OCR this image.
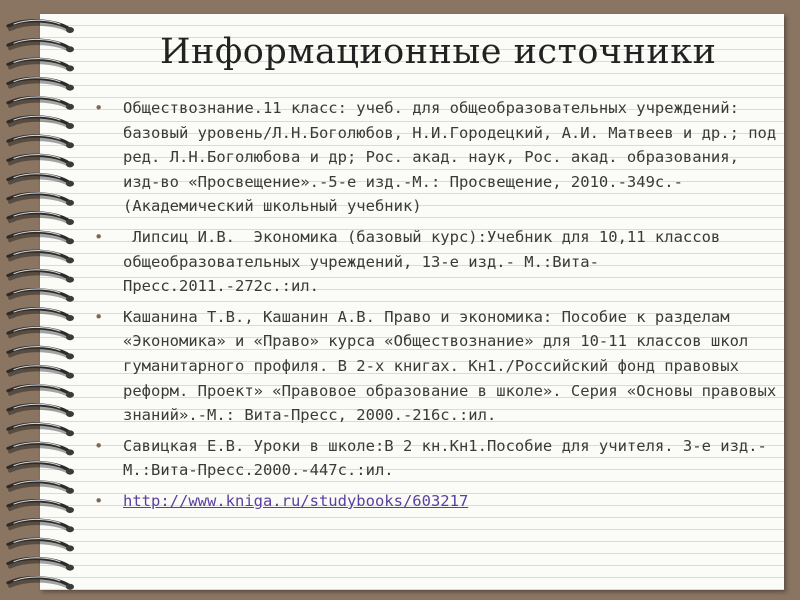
Информационные источники
• Обществознание.11 класс: учеб. для общеобразовательных учреждений: базовый уровень/Л.Н.Боголюбов, Н.И.Городецкий, А.И. Матвеев и др.; под ред. Л.Н.Боголюбова и др; Рос. акад. наук, Рос. акад. образования, изд-во «Просвещение».-5-е изд.-М.: Просвещение, 2010.-349с.- (Академический школьный учебник)
• Липсиц И.В.  Экономика (базовый курс):Учебник для 10,11 классов общеобразовательных учреждений, 13-е изд.- М.:Вита-Пресс.2011.-272с.:ил.
• Кашанина Т.В., Кашанин А.В. Право и экономика: Пособие к разделам «Экономика» и «Право» курса «Обществознание» для 10-11 классов школ гуманитарного профиля. В 2-х книгах. Кн1./Российский фонд правовых реформ. Проект» «Правовое образование в школе». Серия «Основы правовых знаний».-М.: Вита-Пресс, 2000.-216с.:ил.
• Савицкая Е.В. Уроки в школе:В 2 кн.Кн1.Пособие для учителя. 3-е изд.-М.:Вита-Пресс.2000.-447с.:ил.
• http://www.kniga.ru/studybooks/603217
